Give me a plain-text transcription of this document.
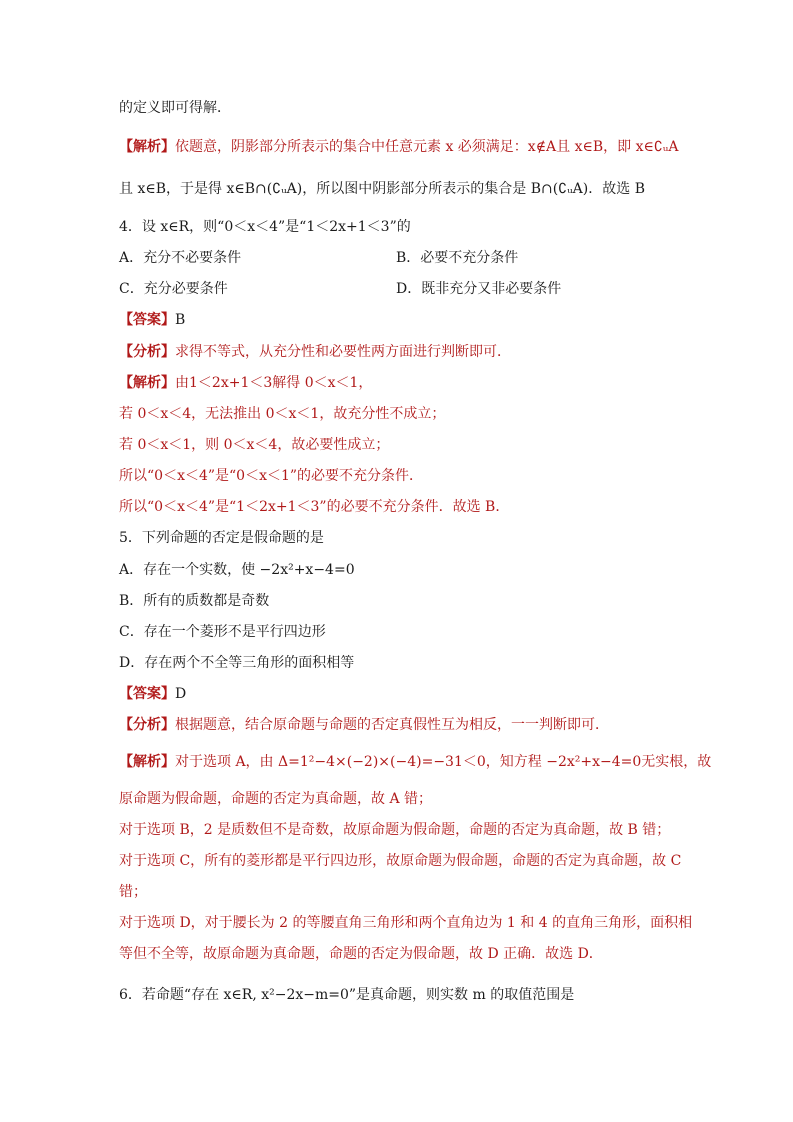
的定义即可得解．
【解析】依题意，阴影部分所表示的集合中任意元素 x 必须满足：x∉A且 x∈B，即 x∈∁ᵤA
且 x∈B，于是得 x∈B∩(∁ᵤA)，所以图中阴影部分所表示的集合是 B∩(∁ᵤA)．故选 B
4．设 x∈R，则“0＜x＜4”是“1＜2x+1＜3”的
【答案】B
【分析】求得不等式，从充分性和必要性两方面进行判断即可．
【解析】由1＜2x+1＜3解得 0＜x＜1，
若 0＜x＜4，无法推出 0＜x＜1，故充分性不成立；
若 0＜x＜1，则 0＜x＜4，故必要性成立；
所以“0＜x＜4”是“0＜x＜1”的必要不充分条件．
所以“0＜x＜4”是“1＜2x+1＜3”的必要不充分条件．故选 B．
5．下列命题的否定是假命题的是
A．存在一个实数，使 −2x²+x−4=0
B．所有的质数都是奇数
C．存在一个菱形不是平行四边形
D．存在两个不全等三角形的面积相等
【答案】D
【分析】根据题意，结合原命题与命题的否定真假性互为相反，一一判断即可．
【解析】对于选项 A，由 Δ=1²−4×(−2)×(−4)=−31＜0，知方程 −2x²+x−4=0无实根，故
原命题为假命题，命题的否定为真命题，故 A 错；
对于选项 B，2 是质数但不是奇数，故原命题为假命题，命题的否定为真命题，故 B 错；
对于选项 C，所有的菱形都是平行四边形，故原命题为假命题，命题的否定为真命题，故 C
错；
对于选项 D，对于腰长为 2 的等腰直角三角形和两个直角边为 1 和 4 的直角三角形，面积相
等但不全等，故原命题为真命题，命题的否定为假命题，故 D 正确．故选 D．
6．若命题“存在 x∈R, x²−2x−m=0”是真命题，则实数 m 的取值范围是
A．充分不必要条件	B．必要不充分条件
C．充分必要条件	D．既非充分又非必要条件
